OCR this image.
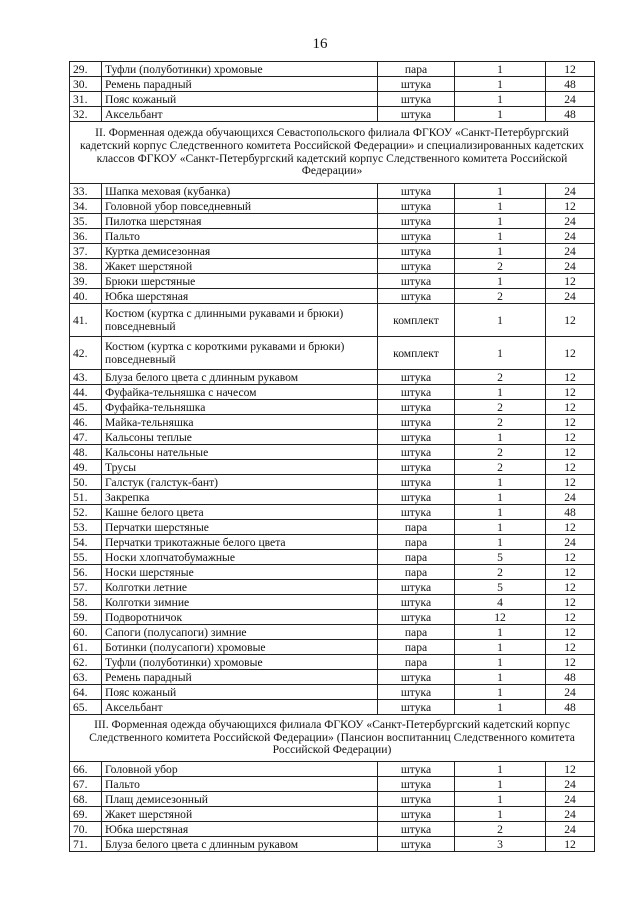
16
29.	Туфли (полуботинки) хромовые	пара	1	12
30.	Ремень парадный	штука	1	48
31.	Пояс кожаный	штука	1	24
32.	Аксельбант	штука	1	48
II. Форменная одежда обучающихся Севастопольского филиала ФГКОУ «Санкт-Петербургский кадетский корпус Следственного комитета Российской Федерации» и специализированных кадетских классов ФГКОУ «Санкт-Петербургский кадетский корпус Следственного комитета Российской Федерации»				
33.	Шапка меховая (кубанка)	штука	1	24
34.	Головной убор повседневный	штука	1	12
35.	Пилотка шерстяная	штука	1	24
36.	Пальто	штука	1	24
37.	Куртка демисезонная	штука	1	24
38.	Жакет шерстяной	штука	2	24
39.	Брюки шерстяные	штука	1	12
40.	Юбка шерстяная	штука	2	24
41.	Костюм (куртка с длинными рукавами и брюки) повседневный	комплект	1	12
42.	Костюм (куртка с короткими рукавами и брюки) повседневный	комплект	1	12
43.	Блуза белого цвета с длинным рукавом	штука	2	12
44.	Фуфайка-тельняшка с начесом	штука	1	12
45.	Фуфайка-тельняшка	штука	2	12
46.	Майка-тельняшка	штука	2	12
47.	Кальсоны теплые	штука	1	12
48.	Кальсоны нательные	штука	2	12
49.	Трусы	штука	2	12
50.	Галстук (галстук-бант)	штука	1	12
51.	Закрепка	штука	1	24
52.	Кашне белого цвета	штука	1	48
53.	Перчатки шерстяные	пара	1	12
54.	Перчатки трикотажные белого цвета	пара	1	24
55.	Носки хлопчатобумажные	пара	5	12
56.	Носки шерстяные	пара	2	12
57.	Колготки летние	штука	5	12
58.	Колготки зимние	штука	4	12
59.	Подворотничок	штука	12	12
60.	Сапоги (полусапоги) зимние	пара	1	12
61.	Ботинки (полусапоги) хромовые	пара	1	12
62.	Туфли (полуботинки) хромовые	пара	1	12
63.	Ремень парадный	штука	1	48
64.	Пояс кожаный	штука	1	24
65.	Аксельбант	штука	1	48
III. Форменная одежда обучающихся филиала ФГКОУ «Санкт-Петербургский кадетский корпус Следственного комитета Российской Федерации» (Пансион воспитанниц Следственного комитета Российской Федерации)				
66.	Головной убор	штука	1	12
67.	Пальто	штука	1	24
68.	Плащ демисезонный	штука	1	24
69.	Жакет шерстяной	штука	1	24
70.	Юбка шерстяная	штука	2	24
71.	Блуза белого цвета с длинным рукавом	штука	3	12
